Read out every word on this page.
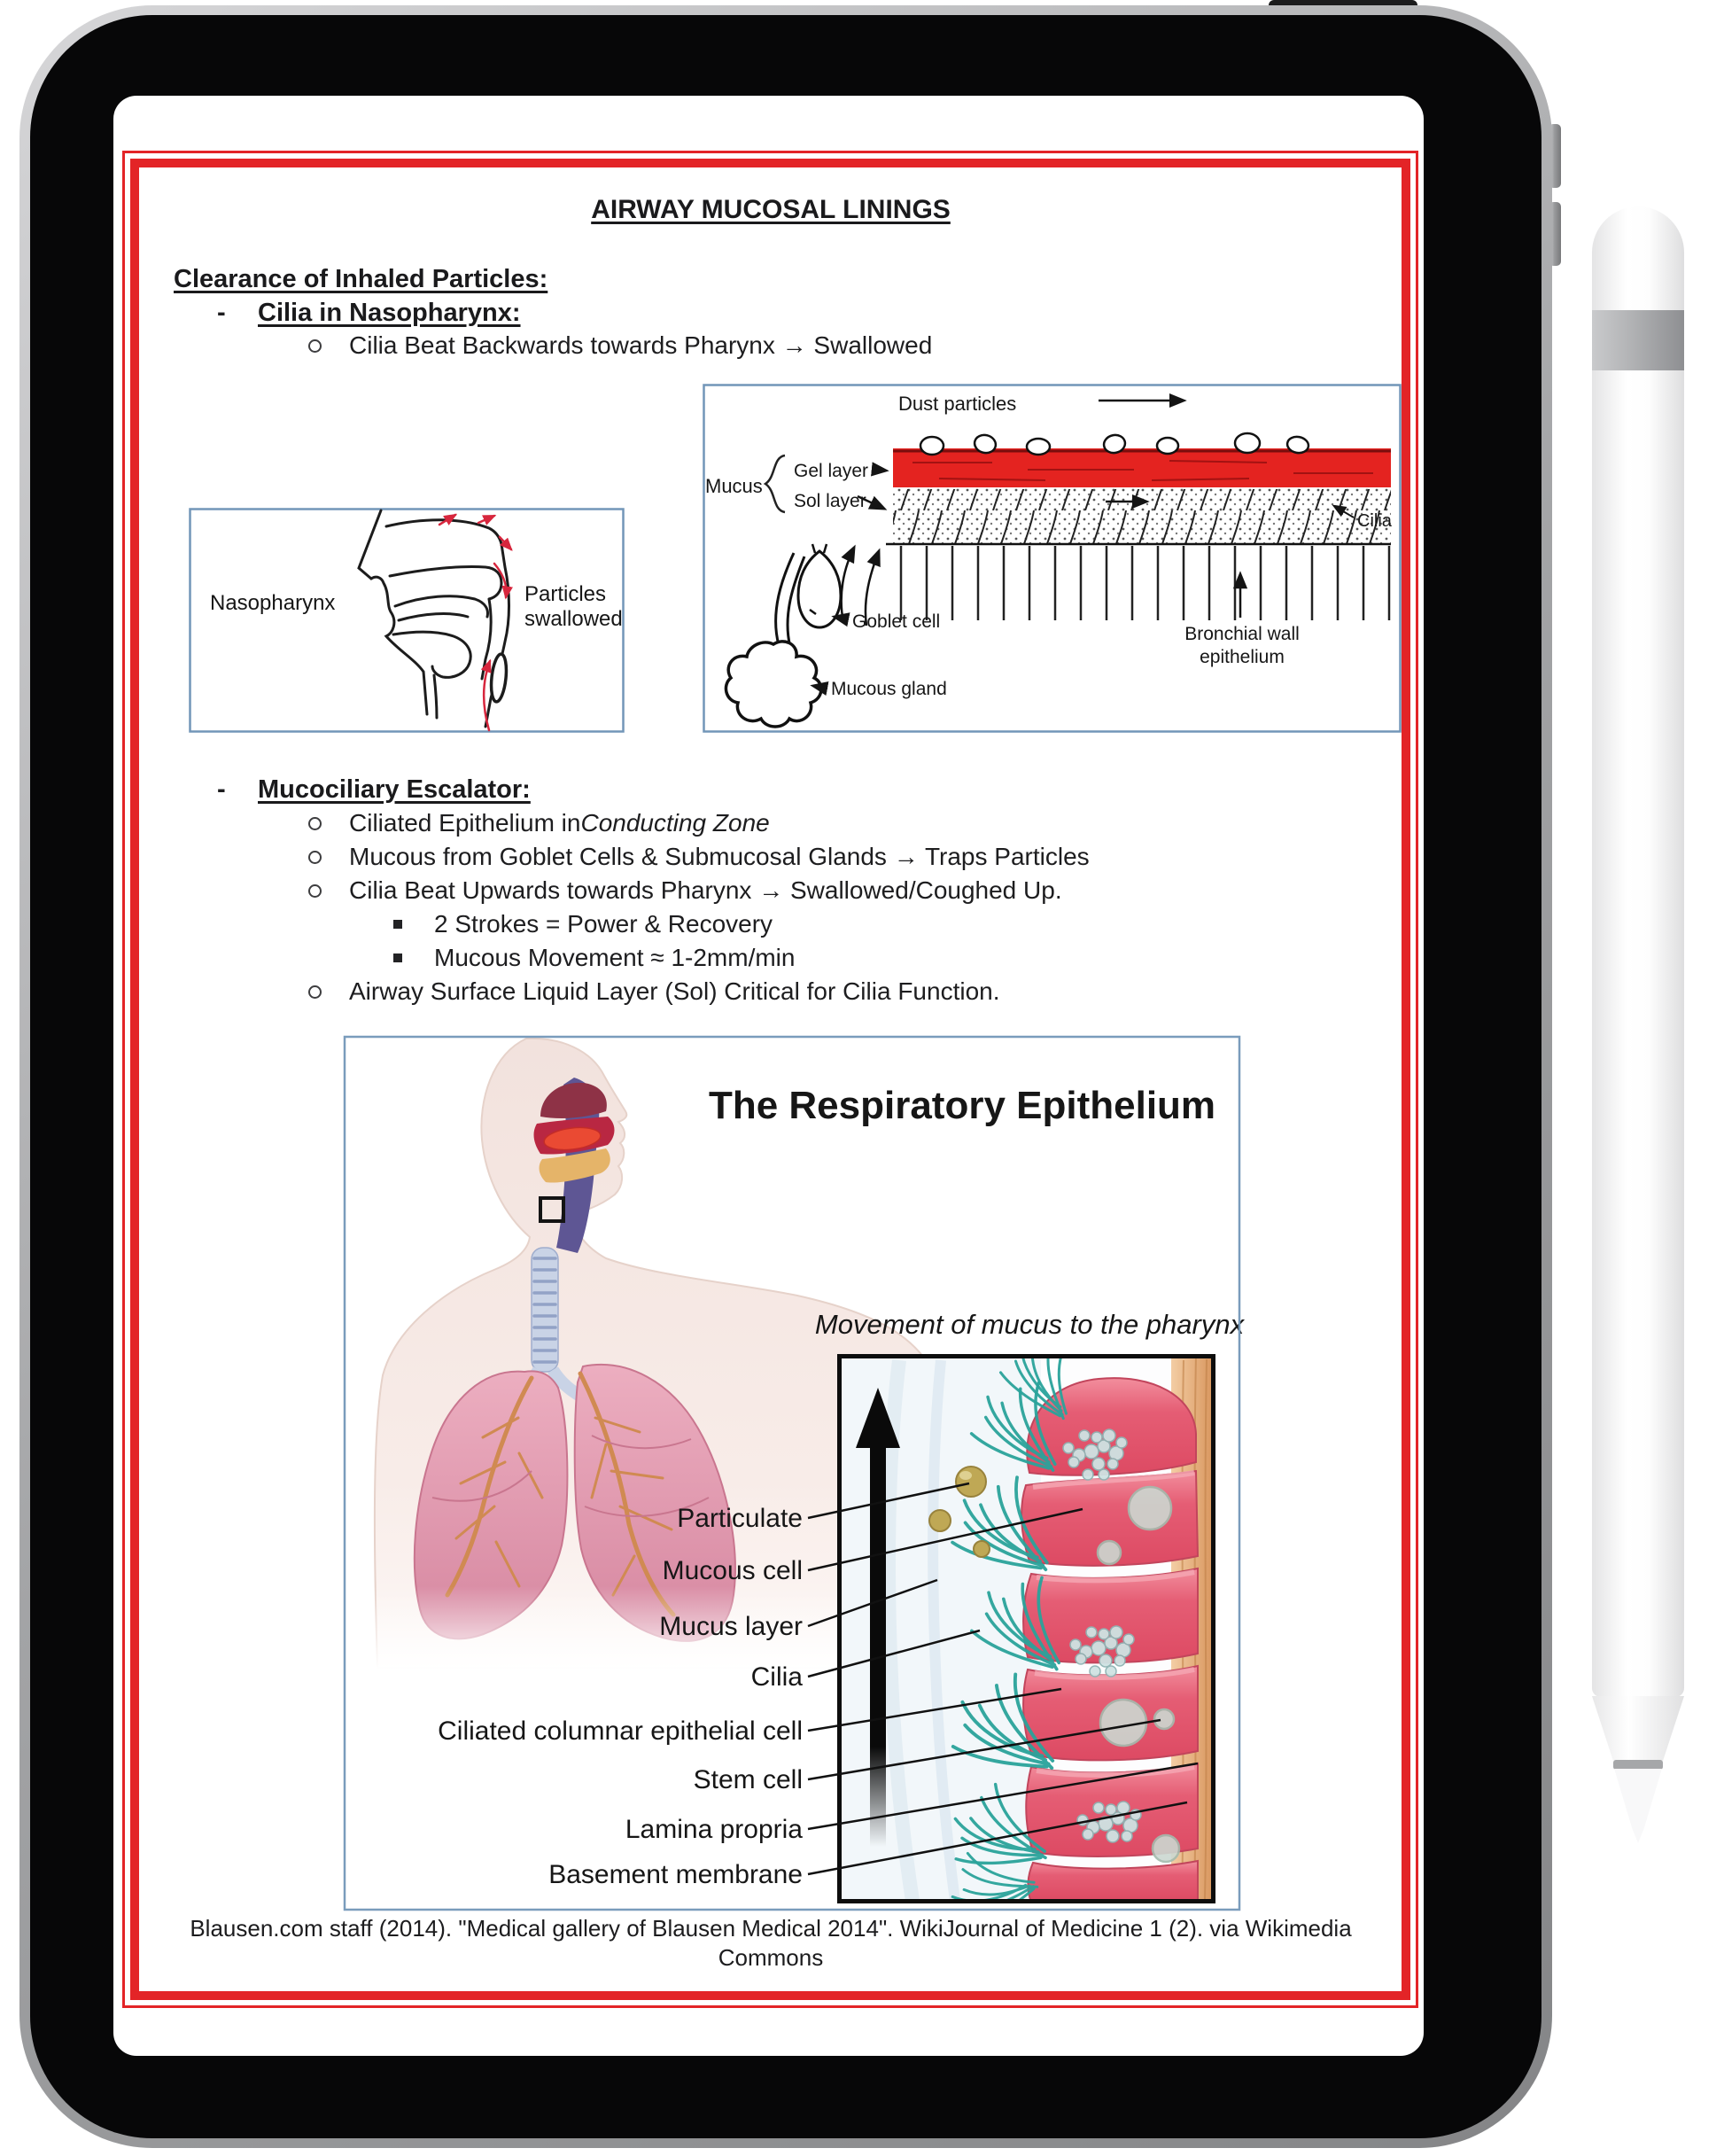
AIRWAY MUCOSAL LININGS
Clearance of Inhaled Particles:
-	Cilia in Nasopharynx:
Cilia Beat Backwards towards Pharynx → Swallowed
Nasopharynx	Particles
swallowed
Dust particles
Mucus
Gel layer
Sol layer
Cilia
Goblet cell
Bronchial wall
epithelium
Mucous gland
-	Mucociliary Escalator:
Ciliated Epithelium in Conducting Zone
Mucous from Goblet Cells & Submucosal Glands → Traps Particles
Cilia Beat Upwards towards Pharynx → Swallowed/Coughed Up.
2 Strokes = Power & Recovery
Mucous Movement ≈ 1-2mm/min
Airway Surface Liquid Layer (Sol) Critical for Cilia Function.
The Respiratory Epithelium
Movement of mucus to the pharynx
Particulate
Mucous cell
Mucus layer
Cilia
Ciliated columnar epithelial cell
Stem cell
Lamina propria
Basement membrane
Blausen.com staff (2014). "Medical gallery of Blausen Medical 2014". WikiJournal of Medicine 1 (2). via Wikimedia
Commons
